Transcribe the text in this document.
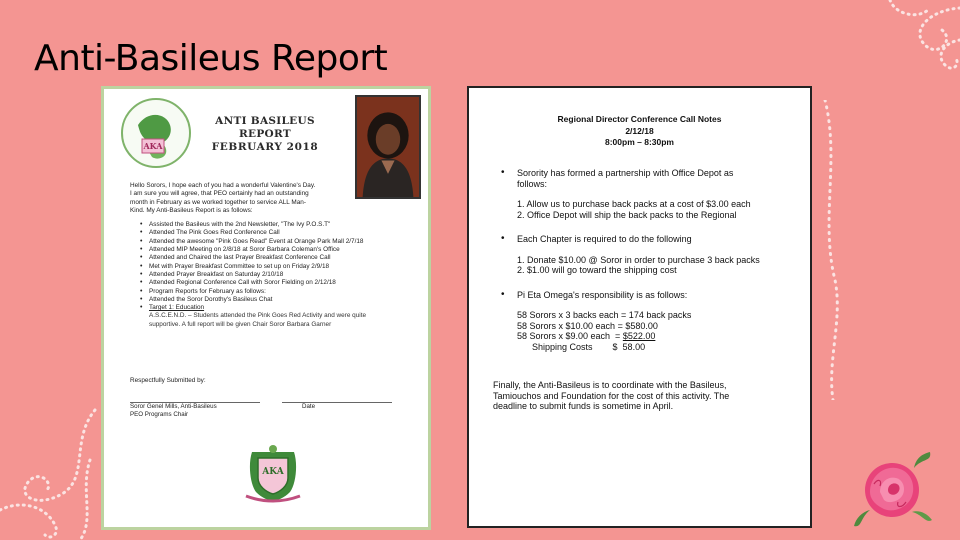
Anti-Basileus Report
AKA
ANTI BASILEUS REPORT
FEBRUARY 2018

Hello Sorors, I hope each of you had a wonderful Valentine's Day.

I am sure you will agree, that PEO certainly had an outstanding

month in February as we worked together to service ALL Man-

Kind. My Anti-Basileus Report is as follows:

• Assisted the Basileus with the 2nd Newsletter, "The Ivy P.O.S.T"
• Attended The Pink Goes Red Conference Call
• Attended the awesome "Pink Goes Read" Event at Orange Park Mall 2/7/18
• Attended MIP Meeting on 2/8/18 at Soror Barbara Coleman's Office
• Attended and Chaired the last Prayer Breakfast Conference Call
• Met with Prayer Breakfast Committee to set up on Friday 2/9/18
• Attended Prayer Breakfast on Saturday 2/10/18
• Attended Regional Conference Call with Soror Fielding on 2/12/18
• Program Reports for February as follows:
• Attended the Soror Dorothy's Basileus Chat
• Target 1: Education
A.S.C.E.N.D. – Students attended the Pink Goes Red Activity and were quite
supportive. A full report will be given Chair Soror Barbara Garner
Respectfully Submitted by:
Soror Genel Mills, Anti-Basileus
PEO Programs Chair
Date
AKA
Regional Director Conference Call Notes
2/12/18
8:00pm – 8:30pm
• Sorority has formed a partnership with Office Depot as
follows:
1. Allow us to purchase back packs at a cost of $3.00 each
2. Office Depot will ship the back packs to the Regional
• Each Chapter is required to do the following
1. Donate $10.00 @ Soror in order to purchase 3 back packs
2. $1.00 will go toward the shipping cost
• Pi Eta Omega's responsibility is as follows:
58 Sorors x 3 backs each = 174 back packs
58 Sorors x $10.00 each = $580.00
58 Sorors x $9.00 each  = $522.00
Shipping Costs        $  58.00
Finally, the Anti-Basileus is to coordinate with the Basileus,
Tamiouchos and Foundation for the cost of this activity. The
deadline to submit funds is sometime in April.
